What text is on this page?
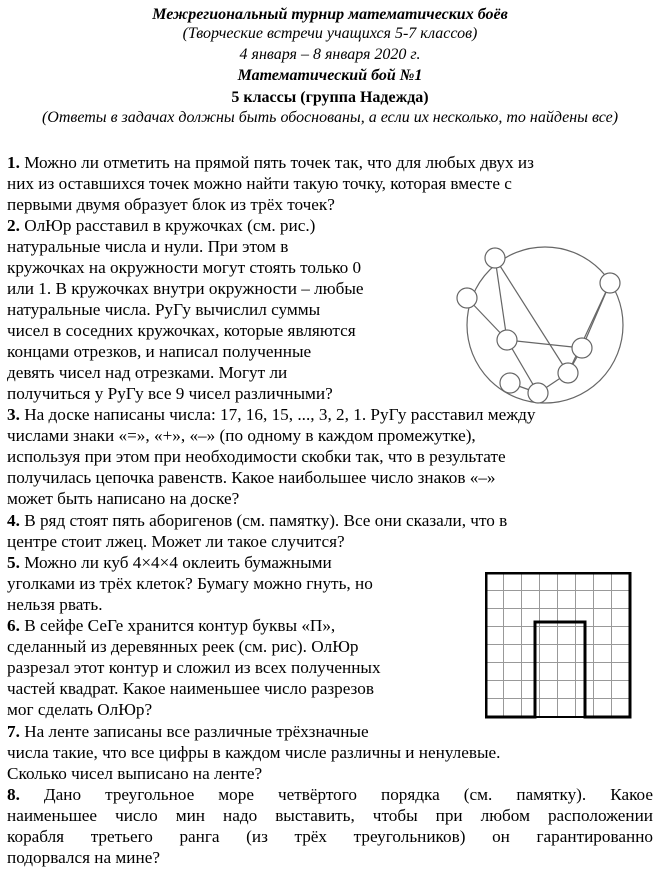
Межрегиональный турнир математических боёв
(Творческие встречи учащихся 5-7 классов)
4 января – 8 января 2020 г.
Математический бой №1
5 классы (группа Надежда)
(Ответы в задачах должны быть обоснованы, а если их несколько, то найдены все)
1. Можно ли отметить на прямой пять точек так, что для любых двух из
них из оставшихся точек можно найти такую точку, которая вместе с
первыми двумя образует блок из трёх точек?
2. ОлЮр расставил в кружочках (см. рис.)
натуральные числа и нули. При этом в
кружочках на окружности могут стоять только 0
или 1. В кружочках внутри окружности – любые
натуральные числа. РуГу вычислил суммы
чисел в соседних кружочках, которые являются
концами отрезков, и написал полученные
девять чисел над отрезками. Могут ли
получиться у РуГу все 9 чисел различными?
3. На доске написаны числа: 17, 16, 15, ..., 3, 2, 1. РуГу расставил между
числами знаки «=», «+», «–» (по одному в каждом промежутке),
используя при этом при необходимости скобки так, что в результате
получилась цепочка равенств. Какое наибольшее число знаков «–»
может быть написано на доске?
4. В ряд стоят пять аборигенов (см. памятку). Все они сказали, что в
центре стоит лжец. Может ли такое случится?
5. Можно ли куб 4×4×4 оклеить бумажными
уголками из трёх клеток? Бумагу можно гнуть, но
нельзя рвать.
6. В сейфе СеГе хранится контур буквы «П»,
сделанный из деревянных реек (см. рис). ОлЮр
разрезал этот контур и сложил из всех полученных
частей квадрат. Какое наименьшее число разрезов
мог сделать ОлЮр?
7. На ленте записаны все различные трёхзначные
числа такие, что все цифры в каждом числе различны и ненулевые.
Сколько чисел выписано на ленте?
8. Дано треугольное море четвёртого порядка (см. памятку). Какое
наименьшее число мин надо выставить, чтобы при любом расположении
корабля третьего ранга (из трёх треугольников) он гарантированно
подорвался на мине?
